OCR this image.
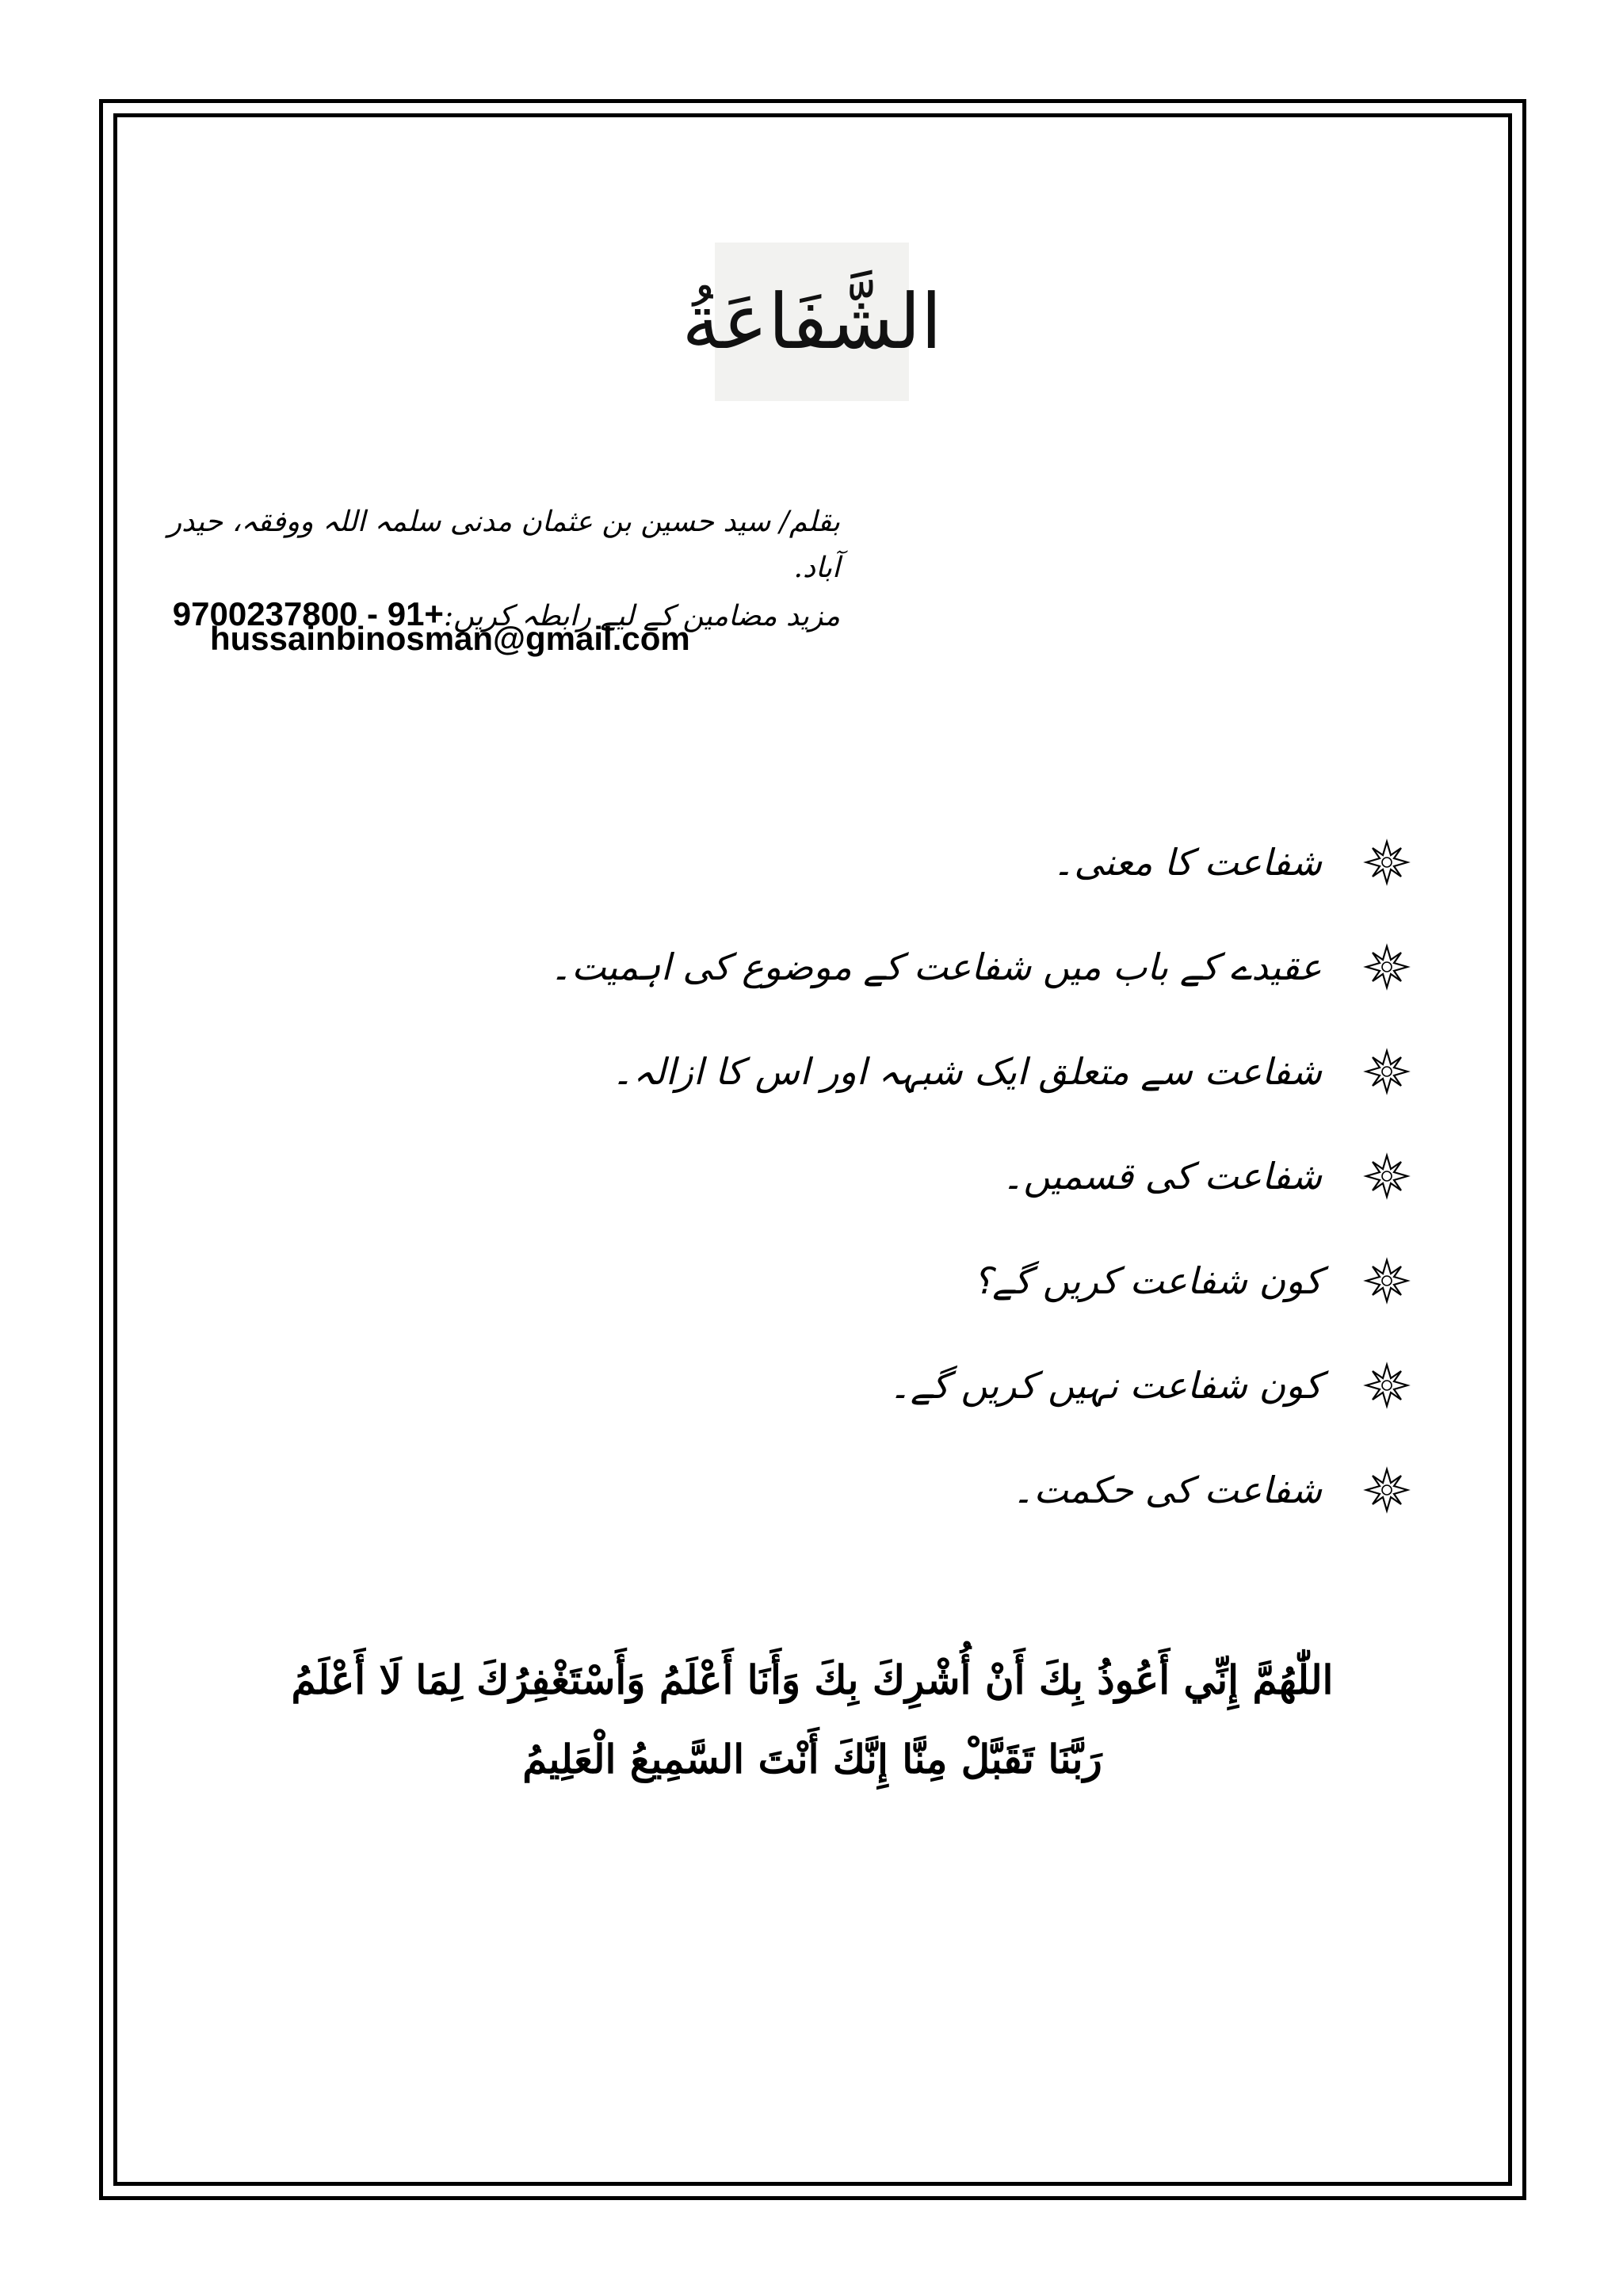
الشَّفَاعَةُ
بقلم/ سید حسین بن عثمان مدنی سلمہ اللہ ووفقہ، حیدر آباد.
مزید مضامین کے لیے رابطہ کریں:
9700237800 - 91+
hussainbinosman@gmail.com
شفاعت کا معنی۔
عقیدے کے باب میں شفاعت کے موضوع کی اہمیت۔
شفاعت سے متعلق ایک شبہہ اور اس کا ازالہ۔
شفاعت کی قسمیں۔
کون شفاعت کریں گے؟
کون شفاعت نہیں کریں گے۔
شفاعت کی حکمت۔
اللّٰهُمَّ إِنِّي أَعُوذُ بِكَ أَنْ أُشْرِكَ بِكَ وَأَنَا أَعْلَمُ وَأَسْتَغْفِرُكَ لِمَا لَا أَعْلَمُ
رَبَّنَا تَقَبَّلْ مِنَّا إِنَّكَ أَنْتَ السَّمِيعُ الْعَلِيمُ
